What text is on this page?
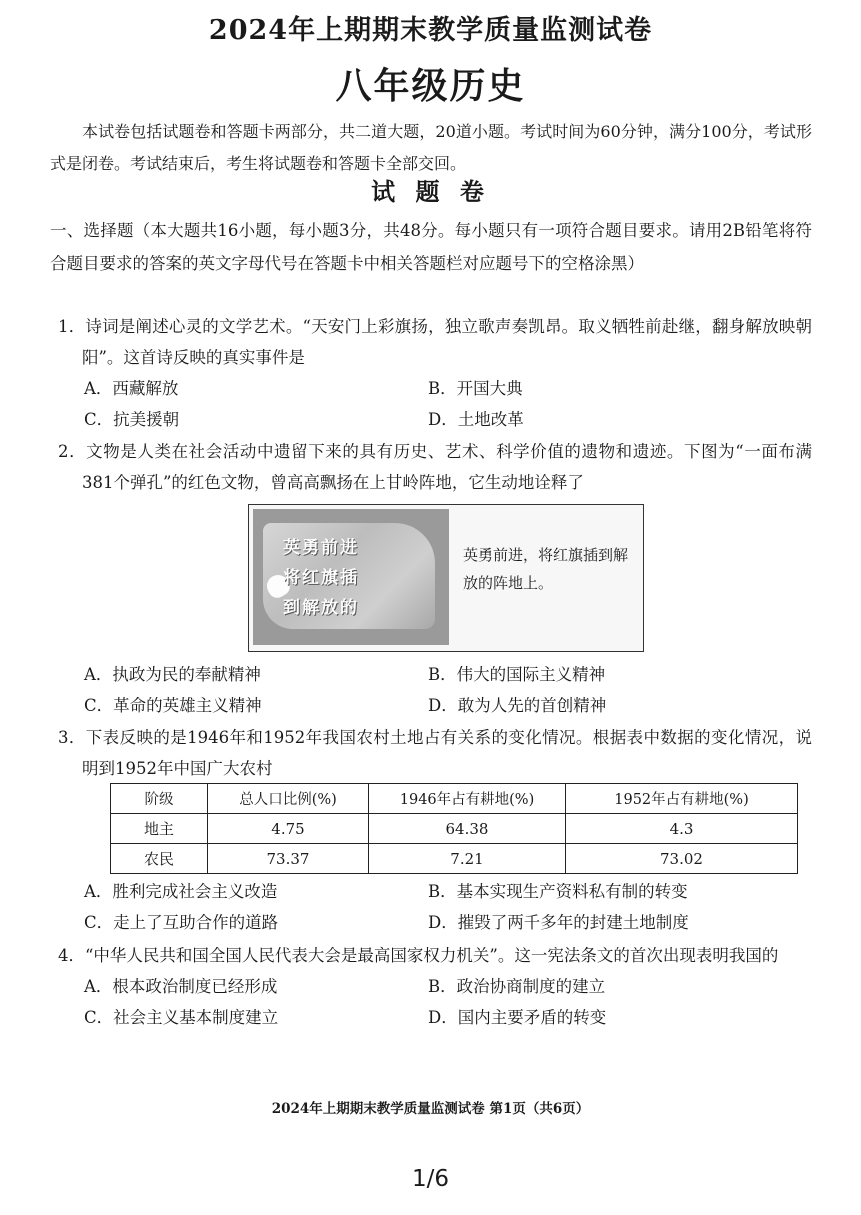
2024年上期期末教学质量监测试卷
八年级历史
本试卷包括试题卷和答题卡两部分，共二道大题，20道小题。考试时间为60分钟，满分100分，考试形式是闭卷。考试结束后，考生将试题卷和答题卡全部交回。
试 题 卷
一、选择题（本大题共16小题，每小题3分，共48分。每小题只有一项符合题目要求。请用2B铅笔将符合题目要求的答案的英文字母代号在答题卡中相关答题栏对应题号下的空格涂黑）
1．诗词是阐述心灵的文学艺术。“天安门上彩旗扬，独立歌声奏凯昂。取义牺牲前赴继，翻身解放映朝阳”。这首诗反映的真实事件是
A．西藏解放	B．开国大典
C．抗美援朝	D．土地改革
2．文物是人类在社会活动中遗留下来的具有历史、艺术、科学价值的遗物和遗迹。下图为“一面布满381个弹孔”的红色文物，曾高高飘扬在上甘岭阵地，它生动地诠释了
英勇前进
将红旗插
到解放的
英勇前进，将红旗插到解放的阵地上。
A．执政为民的奉献精神	B．伟大的国际主义精神
C．革命的英雄主义精神	D．敢为人先的首创精神
3．下表反映的是1946年和1952年我国农村土地占有关系的变化情况。根据表中数据的变化情况，说明到1952年中国广大农村
阶级	总人口比例(%)	1946年占有耕地(%)	1952年占有耕地(%)
地主	4.75	64.38	4.3
农民	73.37	7.21	73.02
A．胜利完成社会主义改造	B．基本实现生产资料私有制的转变
C．走上了互助合作的道路	D．摧毁了两千多年的封建土地制度
4．“中华人民共和国全国人民代表大会是最高国家权力机关”。这一宪法条文的首次出现表明我国的
A．根本政治制度已经形成	B．政治协商制度的建立
C．社会主义基本制度建立	D．国内主要矛盾的转变
2024年上期期末教学质量监测试卷 第1页（共6页）
1/6
